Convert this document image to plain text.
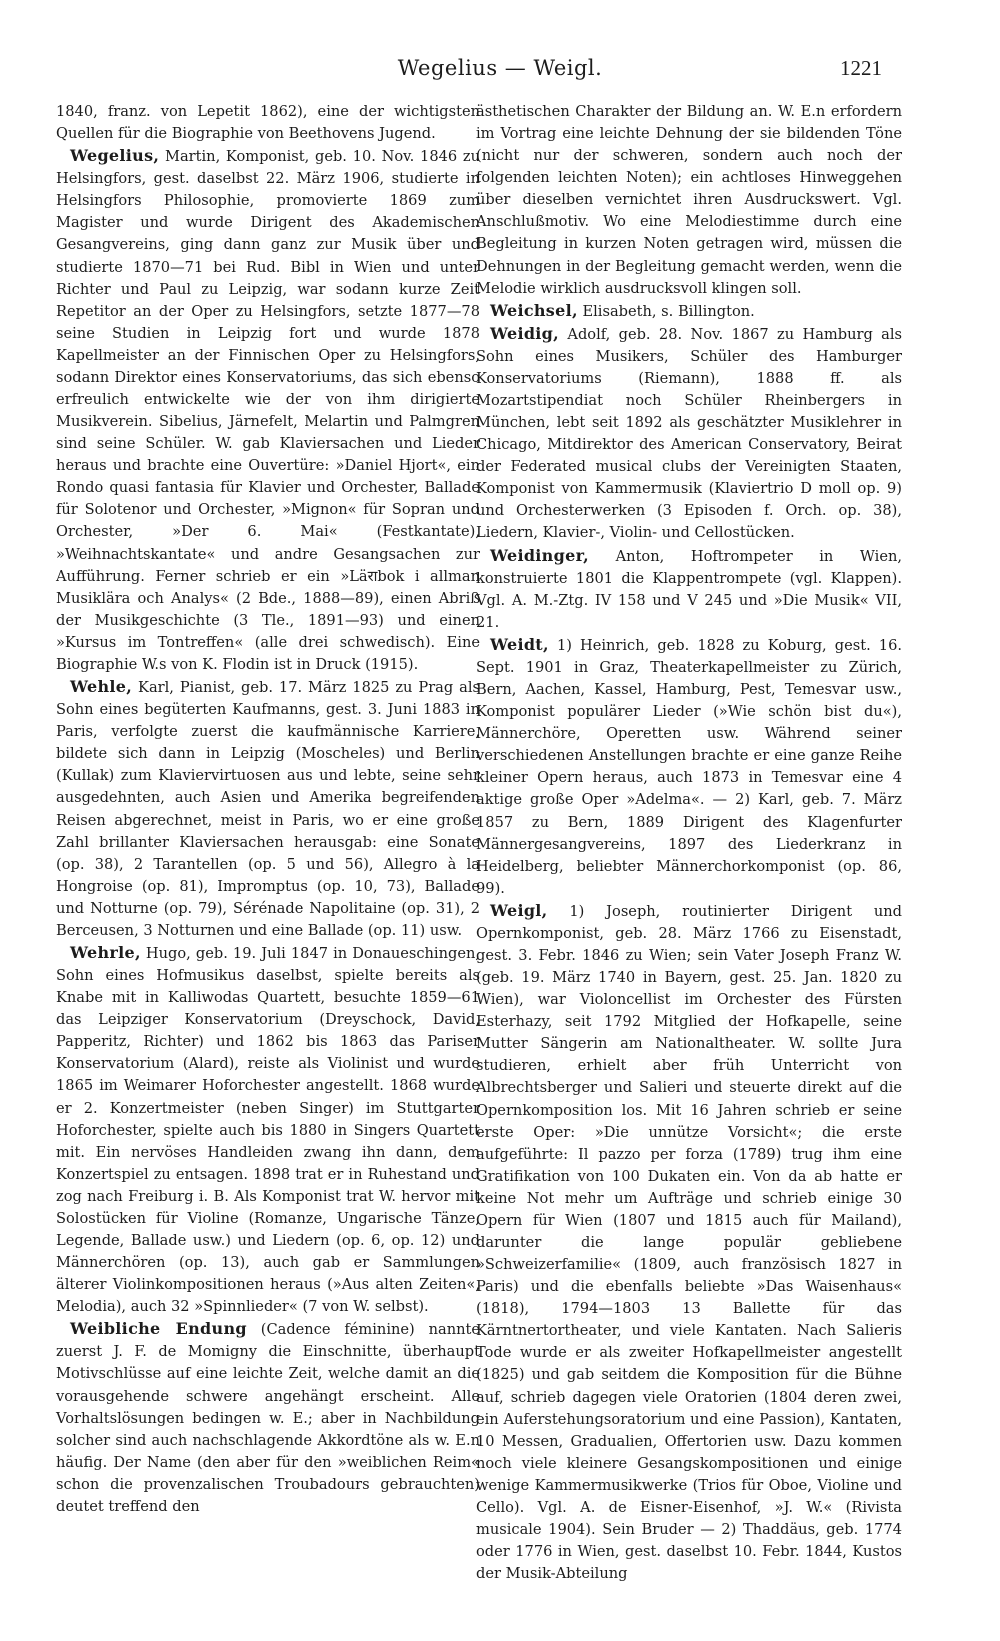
Wegelius — Weigl.	1221

1840, franz. von Lepetit 1862), eine der wichtigsten Quellen für die Biographie von Beethovens Jugend.

Wegelius, Martin, Komponist, geb. 10. Nov. 1846 zu Helsingfors, gest. daselbst 22. März 1906, studierte in Helsingfors Philosophie, promovierte 1869 zum Magister und wurde Dirigent des Akademischen Gesangvereins, ging dann ganz zur Musik über und studierte 1870—71 bei Rud. Bibl in Wien und unter Richter und Paul zu Leipzig, war sodann kurze Zeit Repetitor an der Oper zu Helsingfors, setzte 1877—78 seine Studien in Leipzig fort und wurde 1878 Kapellmeister an der Finnischen Oper zu Helsingfors, sodann Direktor eines Konservatoriums, das sich ebenso erfreulich entwickelte wie der von ihm dirigierte Musikverein. Sibelius, Järnefelt, Melartin und Palmgren sind seine Schüler. W. gab Klaviersachen und Lieder heraus und brachte eine Ouvertüre: »Daniel Hjort«, ein Rondo quasi fantasia für Klavier und Orchester, Ballade für Solotenor und Orchester, »Mignon« für Sopran und Orchester, »Der 6. Mai« (Festkantate), »Weihnachtskantate« und andre Gesangsachen zur Aufführung. Ferner schrieb er ein »Läराbok i allman Musiklära och Analys« (2 Bde., 1888—89), einen Abriß der Musikgeschichte (3 Tle., 1891—93) und einen »Kursus im Tontreffen« (alle drei schwedisch). Eine Biographie W.s von K. Flodin ist in Druck (1915).

Wehle, Karl, Pianist, geb. 17. März 1825 zu Prag als Sohn eines begüterten Kaufmanns, gest. 3. Juni 1883 in Paris, verfolgte zuerst die kaufmännische Karriere, bildete sich dann in Leipzig (Moscheles) und Berlin (Kullak) zum Klaviervirtuosen aus und lebte, seine sehr ausgedehnten, auch Asien und Amerika begreifenden Reisen abgerechnet, meist in Paris, wo er eine große Zahl brillanter Klaviersachen herausgab: eine Sonate (op. 38), 2 Tarantellen (op. 5 und 56), Allegro à la Hongroise (op. 81), Impromptus (op. 10, 73), Ballade und Notturne (op. 79), Sérénade Napolitaine (op. 31), 2 Berceusen, 3 Notturnen und eine Ballade (op. 11) usw.

Wehrle, Hugo, geb. 19. Juli 1847 in Donaueschingen, Sohn eines Hofmusikus daselbst, spielte bereits als Knabe mit in Kalliwodas Quartett, besuchte 1859—61 das Leipziger Konservatorium (Dreyschock, David, Papperitz, Richter) und 1862 bis 1863 das Pariser Konservatorium (Alard), reiste als Violinist und wurde 1865 im Weimarer Hoforchester angestellt. 1868 wurde er 2. Konzertmeister (neben Singer) im Stuttgarter Hoforchester, spielte auch bis 1880 in Singers Quartett mit. Ein nervöses Handleiden zwang ihn dann, dem Konzertspiel zu entsagen. 1898 trat er in Ruhestand und zog nach Freiburg i. B. Als Komponist trat W. hervor mit Solostücken für Violine (Romanze, Ungarische Tänze, Legende, Ballade usw.) und Liedern (op. 6, op. 12) und Männerchören (op. 13), auch gab er Sammlungen älterer Violinkompositionen heraus (»Aus alten Zeiten«, Melodia), auch 32 »Spinnlieder« (7 von W. selbst).

Weibliche Endung (Cadence féminine) nannte zuerst J. F. de Momigny die Einschnitte, überhaupt Motivschlüsse auf eine leichte Zeit, welche damit an die vorausgehende schwere angehängt erscheint. Alle Vorhaltslösungen bedingen w. E.; aber in Nachbildung solcher sind auch nachschlagende Akkordtöne als w. E.n häufig. Der Name (den aber für den »weiblichen Reim« schon die provenzalischen Troubadours gebrauchten) deutet treffend den

ästhetischen Charakter der Bildung an. W. E.n erfordern im Vortrag eine leichte Dehnung der sie bildenden Töne (nicht nur der schweren, sondern auch noch der folgenden leichten Noten); ein achtloses Hinweggehen über dieselben vernichtet ihren Ausdruckswert. Vgl. Anschlußmotiv. Wo eine Melodiestimme durch eine Begleitung in kurzen Noten getragen wird, müssen die Dehnungen in der Begleitung gemacht werden, wenn die Melodie wirklich ausdrucksvoll klingen soll.

Weichsel, Elisabeth, s. Billington.

Weidig, Adolf, geb. 28. Nov. 1867 zu Hamburg als Sohn eines Musikers, Schüler des Hamburger Konservatoriums (Riemann), 1888 ff. als Mozartstipendiat noch Schüler Rheinbergers in München, lebt seit 1892 als geschätzter Musiklehrer in Chicago, Mitdirektor des American Conservatory, Beirat der Federated musical clubs der Vereinigten Staaten, Komponist von Kammermusik (Klaviertrio D moll op. 9) und Orchesterwerken (3 Episoden f. Orch. op. 38), Liedern, Klavier-, Violin- und Cellostücken.

Weidinger, Anton, Hoftrompeter in Wien, konstruierte 1801 die Klappentrompete (vgl. Klappen). Vgl. A. M.-Ztg. IV 158 und V 245 und »Die Musik« VII, 21.

Weidt, 1) Heinrich, geb. 1828 zu Koburg, gest. 16. Sept. 1901 in Graz, Theaterkapellmeister zu Zürich, Bern, Aachen, Kassel, Hamburg, Pest, Temesvar usw., Komponist populärer Lieder (»Wie schön bist du«), Männerchöre, Operetten usw. Während seiner verschiedenen Anstellungen brachte er eine ganze Reihe kleiner Opern heraus, auch 1873 in Temesvar eine 4 aktige große Oper »Adelma«. — 2) Karl, geb. 7. März 1857 zu Bern, 1889 Dirigent des Klagenfurter Männergesangvereins, 1897 des Liederkranz in Heidelberg, beliebter Männerchorkomponist (op. 86, 99).

Weigl, 1) Joseph, routinierter Dirigent und Opernkomponist, geb. 28. März 1766 zu Eisenstadt, gest. 3. Febr. 1846 zu Wien; sein Vater Joseph Franz W. (geb. 19. März 1740 in Bayern, gest. 25. Jan. 1820 zu Wien), war Violoncellist im Orchester des Fürsten Esterhazy, seit 1792 Mitglied der Hofkapelle, seine Mutter Sängerin am Nationaltheater. W. sollte Jura studieren, erhielt aber früh Unterricht von Albrechtsberger und Salieri und steuerte direkt auf die Opernkomposition los. Mit 16 Jahren schrieb er seine erste Oper: »Die unnütze Vorsicht«; die erste aufgeführte: Il pazzo per forza (1789) trug ihm eine Gratifikation von 100 Dukaten ein. Von da ab hatte er keine Not mehr um Aufträge und schrieb einige 30 Opern für Wien (1807 und 1815 auch für Mailand), darunter die lange populär gebliebene »Schweizerfamilie« (1809, auch französisch 1827 in Paris) und die ebenfalls beliebte »Das Waisenhaus« (1818), 1794—1803 13 Ballette für das Kärntnertortheater, und viele Kantaten. Nach Salieris Tode wurde er als zweiter Hofkapellmeister angestellt (1825) und gab seitdem die Komposition für die Bühne auf, schrieb dagegen viele Oratorien (1804 deren zwei, ein Auferstehungsoratorium und eine Passion), Kantaten, 10 Messen, Gradualien, Offertorien usw. Dazu kommen noch viele kleinere Gesangskompositionen und einige wenige Kammermusikwerke (Trios für Oboe, Violine und Cello). Vgl. A. de Eisner-Eisenhof, »J. W.« (Rivista musicale 1904). Sein Bruder — 2) Thaddäus, geb. 1774 oder 1776 in Wien, gest. daselbst 10. Febr. 1844, Kustos der Musik-Abteilung
